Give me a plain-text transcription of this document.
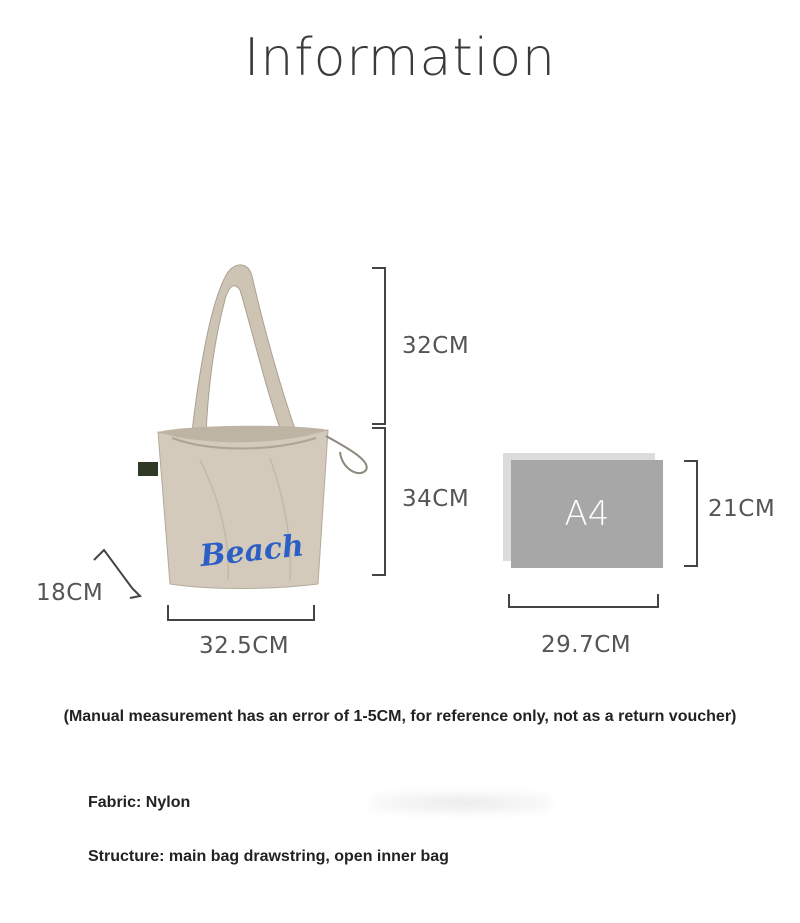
Information
Beach
A4
32CM
34CM
18CM
32.5CM
21CM
29.7CM
(Manual measurement has an error of 1-5CM, for reference only, not as a return voucher)
Fabric: Nylon
Structure: main bag drawstring, open inner bag
